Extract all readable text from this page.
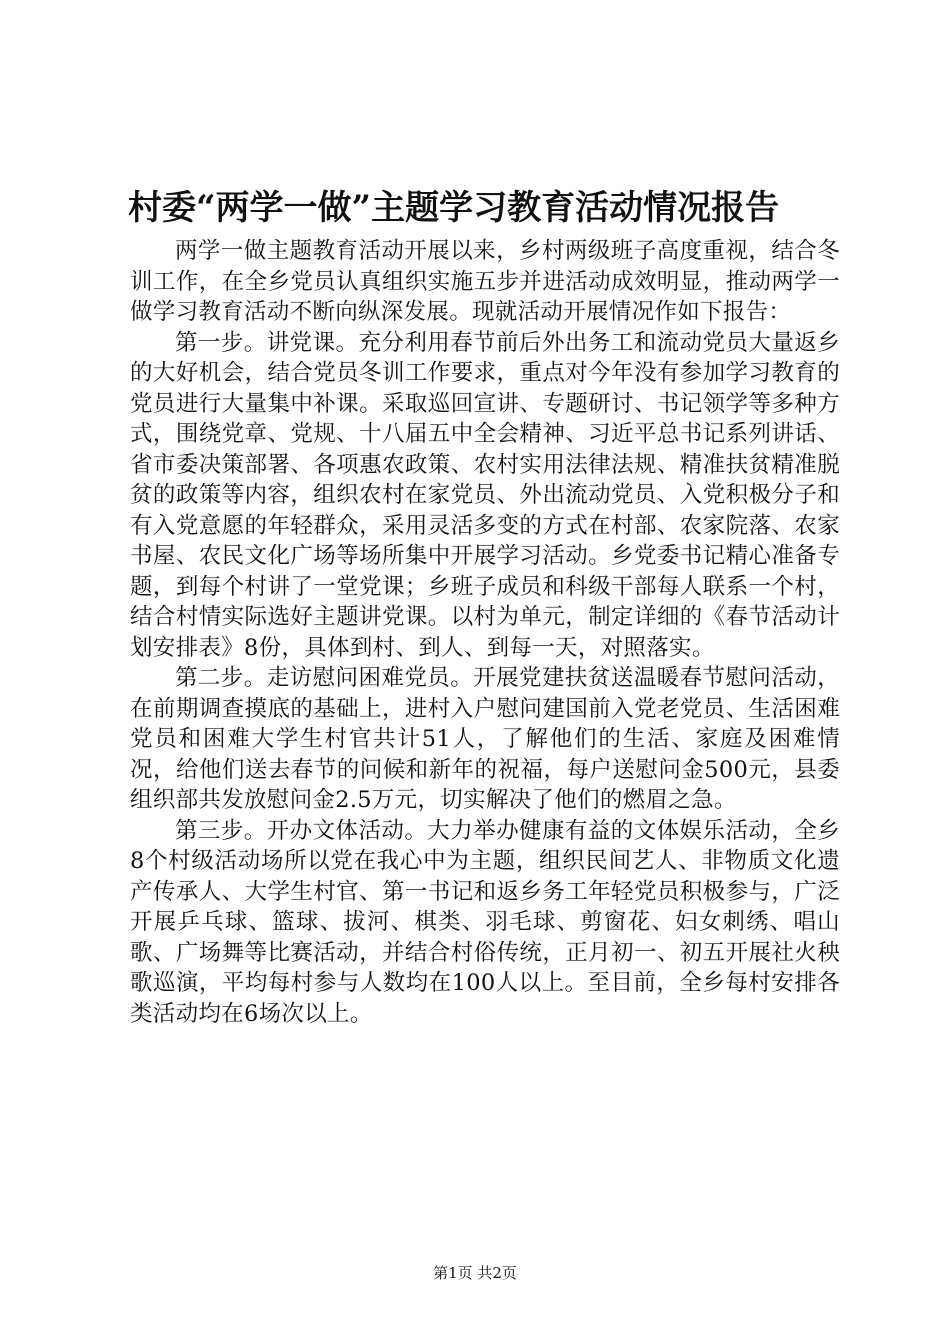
村委“两学一做”主题学习教育活动情况报告

两学一做主题教育活动开展以来，乡村两级班子高度重视，结合冬训工作，在全乡党员认真组织实施五步并进活动成效明显，推动两学一做学习教育活动不断向纵深发展。现就活动开展情况作如下报告：

第一步。讲党课。充分利用春节前后外出务工和流动党员大量返乡的大好机会，结合党员冬训工作要求，重点对今年没有参加学习教育的党员进行大量集中补课。采取巡回宣讲、专题研讨、书记领学等多种方式，围绕党章、党规、十八届五中全会精神、习近平总书记系列讲话、省市委决策部署、各项惠农政策、农村实用法律法规、精准扶贫精准脱贫的政策等内容，组织农村在家党员、外出流动党员、入党积极分子和有入党意愿的年轻群众，采用灵活多变的方式在村部、农家院落、农家书屋、农民文化广场等场所集中开展学习活动。乡党委书记精心准备专题，到每个村讲了一堂党课；乡班子成员和科级干部每人联系一个村，结合村情实际选好主题讲党课。以村为单元，制定详细的《春节活动计划安排表》8份，具体到村、到人、到每一天，对照落实。

第二步。走访慰问困难党员。开展党建扶贫送温暖春节慰问活动，在前期调查摸底的基础上，进村入户慰问建国前入党老党员、生活困难党员和困难大学生村官共计51人，了解他们的生活、家庭及困难情况，给他们送去春节的问候和新年的祝福，每户送慰问金500元，县委组织部共发放慰问金2.5万元，切实解决了他们的燃眉之急。

第三步。开办文体活动。大力举办健康有益的文体娱乐活动，全乡8个村级活动场所以党在我心中为主题，组织民间艺人、非物质文化遗产传承人、大学生村官、第一书记和返乡务工年轻党员积极参与，广泛开展乒乓球、篮球、拔河、棋类、羽毛球、剪窗花、妇女刺绣、唱山歌、广场舞等比赛活动，并结合村俗传统，正月初一、初五开展社火秧歌巡演，平均每村参与人数均在100人以上。至目前，全乡每村安排各类活动均在6场次以上。

第1页 共2页
